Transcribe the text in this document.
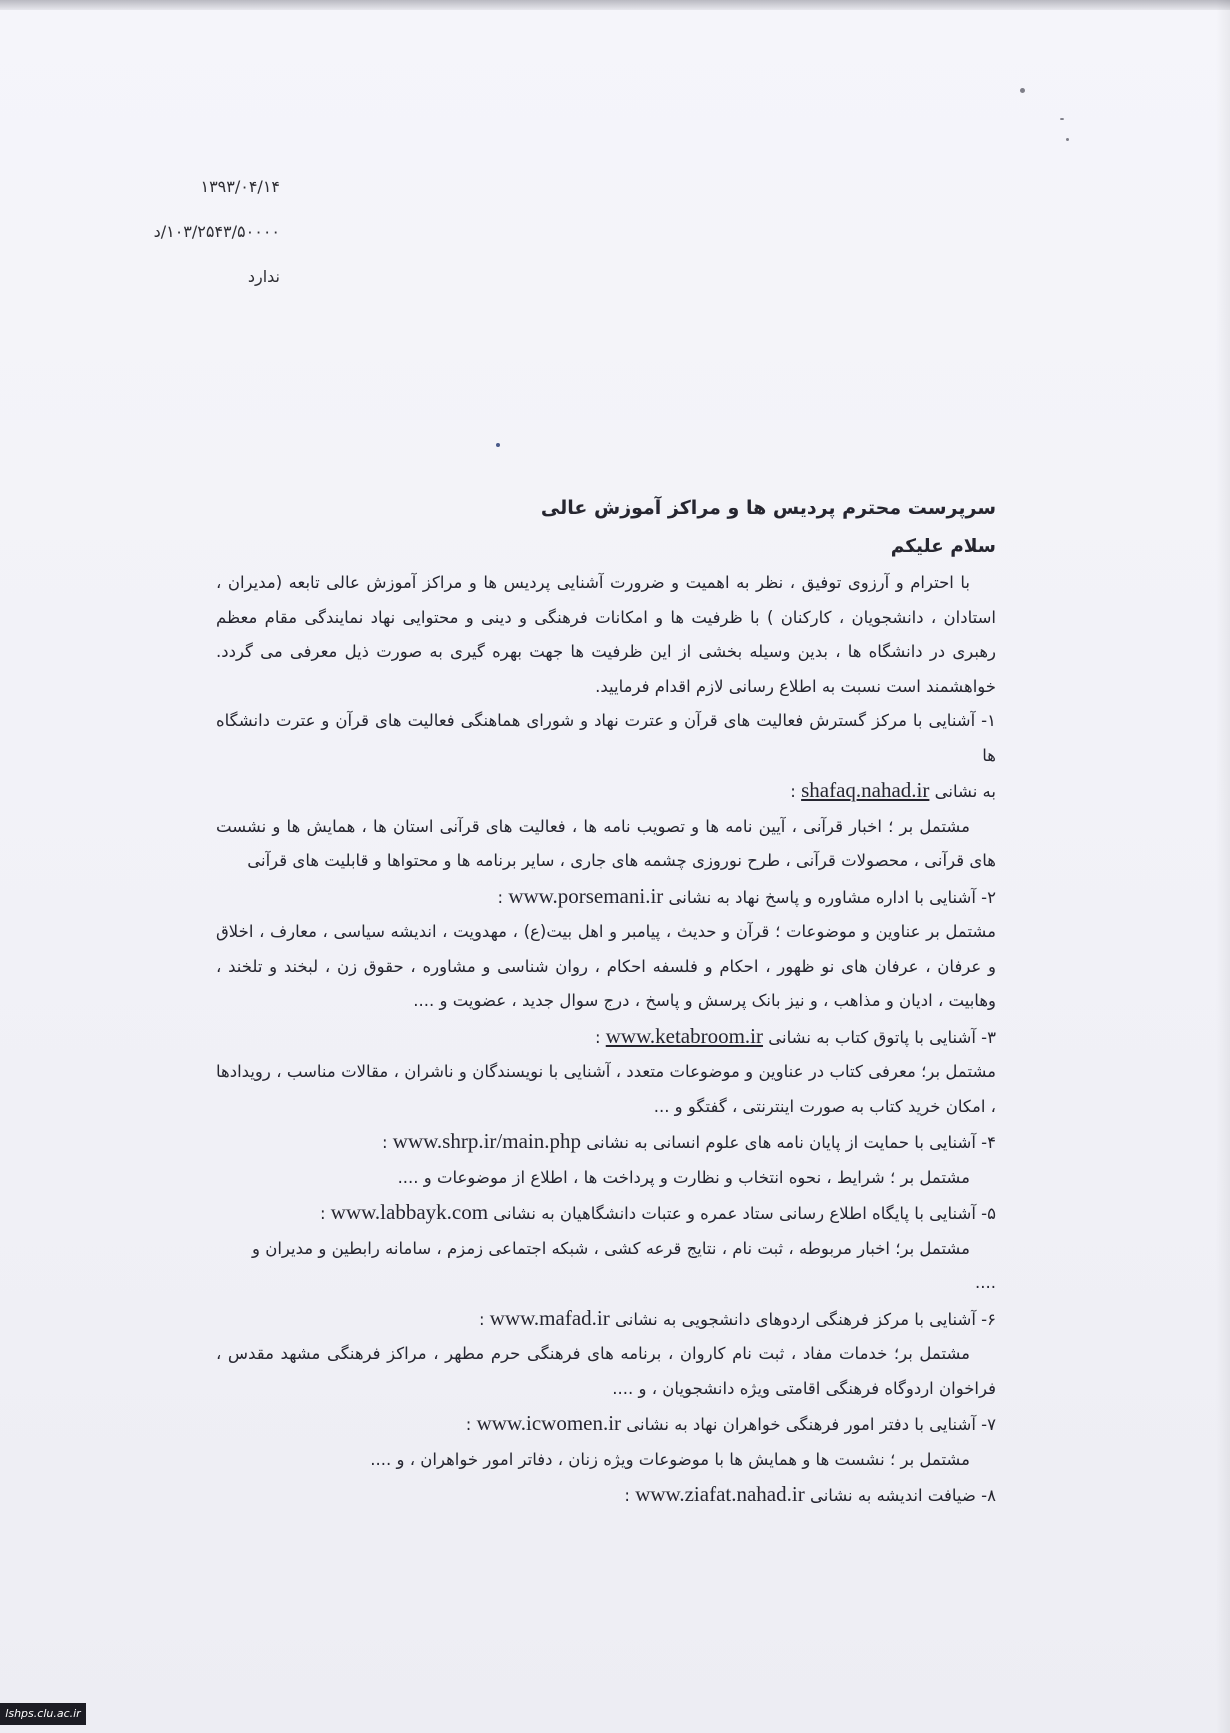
۱۳۹۳/۰۴/۱۴
۱۰۳/۲۵۴۳/۵۰۰۰۰/د
ندارد

سرپرست محترم پردیس ها و مراکز آموزش عالی

سلام علیکم

با احترام و آرزوی توفیق ، نظر به اهمیت و ضرورت آشنایی پردیس ها و مراکز آموزش عالی تابعه (مدیران ، استادان ، دانشجویان ، کارکنان ) با ظرفیت ها و امکانات فرهنگی و دینی و محتوایی نهاد نمایندگی مقام معظم رهبری در دانشگاه ها ، بدین وسیله بخشی از این ظرفیت ها جهت بهره گیری به صورت ذیل معرفی می گردد. خواهشمند است نسبت به اطلاع رسانی لازم اقدام فرمایید.

۱- آشنایی با مرکز گسترش فعالیت های قرآن و عترت نهاد و شورای هماهنگی فعالیت های قرآن و عترت دانشگاه ها

به نشانی shafaq.nahad.ir :

مشتمل بر ؛ اخبار قرآنی ، آیین نامه ها و تصویب نامه ها ، فعالیت های قرآنی استان ها ، همایش ها و نشست های قرآنی ، محصولات قرآنی ، طرح نوروزی چشمه های جاری ، سایر برنامه ها و محتواها و قابلیت های قرآنی

۲- آشنایی با اداره مشاوره و پاسخ نهاد به نشانی www.porsemani.ir :

مشتمل بر عناوین و موضوعات ؛ قرآن و حدیث ، پیامبر و اهل بیت(ع) ، مهدویت ، اندیشه سیاسی ، معارف ، اخلاق و عرفان ، عرفان های نو ظهور ، احکام و فلسفه احکام ، روان شناسی و مشاوره ، حقوق زن ، لبخند و تلخند ، وهابیت ، ادیان و مذاهب ، و نیز بانک پرسش و پاسخ ، درج سوال جدید ، عضویت و ....

۳- آشنایی با پاتوق کتاب به نشانی www.ketabroom.ir :

مشتمل بر؛ معرفی کتاب در عناوین و موضوعات متعدد ، آشنایی با نویسندگان و ناشران ، مقالات مناسب ، رویدادها ، امکان خرید کتاب به صورت اینترنتی ، گفتگو و ...

۴- آشنایی با حمایت از پایان نامه های علوم انسانی به نشانی www.shrp.ir/main.php :

مشتمل بر ؛ شرایط ، نحوه انتخاب و نظارت و پرداخت ها ، اطلاع از موضوعات و ....

۵- آشنایی با پایگاه اطلاع رسانی ستاد عمره و عتبات دانشگاهیان به نشانی www.labbayk.com :

مشتمل بر؛ اخبار مربوطه ، ثبت نام ، نتایج قرعه کشی ، شبکه اجتماعی زمزم ، سامانه رابطین و مدیران و

....

۶- آشنایی با مرکز فرهنگی اردوهای دانشجویی به نشانی www.mafad.ir :

مشتمل بر؛ خدمات مفاد ، ثبت نام کاروان ، برنامه های فرهنگی حرم مطهر ، مراکز فرهنگی مشهد مقدس ، فراخوان اردوگاه فرهنگی اقامتی ویژه دانشجویان ، و ....

۷- آشنایی با دفتر امور فرهنگی خواهران نهاد به نشانی www.icwomen.ir :

مشتمل بر ؛ نشست ها و همایش ها با موضوعات ویژه زنان ، دفاتر امور خواهران ، و ....

۸- ضیافت اندیشه به نشانی www.ziafat.nahad.ir :

lshps.clu.ac.ir
